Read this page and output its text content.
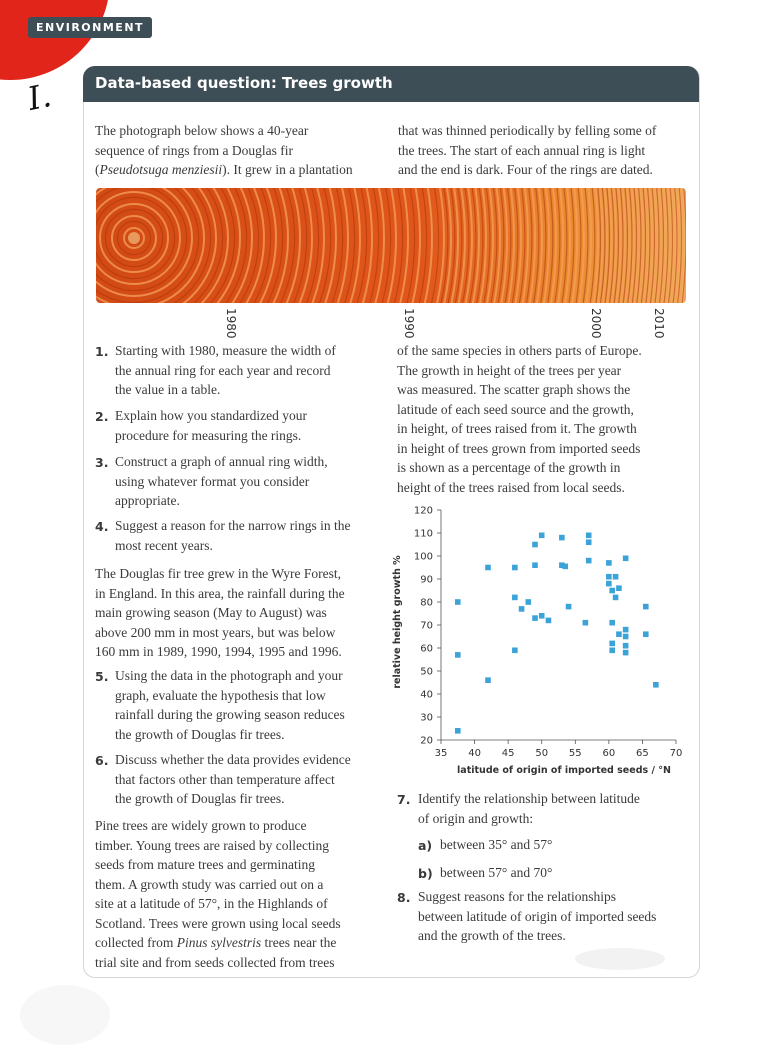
ENVIRONMENT
I.	Data-based question: Trees growth
The photograph below shows a 40-year
sequence of rings from a Douglas fir
(Pseudotsuga menziesii). It grew in a plantation
that was thinned periodically by felling some of
the trees. The start of each annual ring is light
and the end is dark. Four of the rings are dated.
1980	1990	2000	2010
1. Starting with 1980, measure the width of
the annual ring for each year and record
the value in a table.
2. Explain how you standardized your
procedure for measuring the rings.
3. Construct a graph of annual ring width,
using whatever format you consider
appropriate.
4. Suggest a reason for the narrow rings in the
most recent years.
The Douglas fir tree grew in the Wyre Forest,
in England. In this area, the rainfall during the
main growing season (May to August) was
above 200 mm in most years, but was below
160 mm in 1989, 1990, 1994, 1995 and 1996.
5. Using the data in the photograph and your
graph, evaluate the hypothesis that low
rainfall during the growing season reduces
the growth of Douglas fir trees.
6. Discuss whether the data provides evidence
that factors other than temperature affect
the growth of Douglas fir trees.
Pine trees are widely grown to produce
timber. Young trees are raised by collecting
seeds from mature trees and germinating
them. A growth study was carried out on a
site at a latitude of 57°, in the Highlands of
Scotland. Trees were grown using local seeds
collected from Pinus sylvestris trees near the
trial site and from seeds collected from trees
of the same species in others parts of Europe.
The growth in height of the trees per year
was measured. The scatter graph shows the
latitude of each seed source and the growth,
in height, of trees raised from it. The growth
in height of trees grown from imported seeds
is shown as a percentage of the growth in
height of the trees raised from local seeds.
20
30
40
50
60
70
80
90
100
110
120
35 40 45 50 55 60 65 70
latitude of origin of imported seeds / °N
relative height growth %
7. Identify the relationship between latitude
of origin and growth:
a) between 35° and 57°
b) between 57° and 70°
8. Suggest reasons for the relationships
between latitude of origin of imported seeds
and the growth of the trees.
